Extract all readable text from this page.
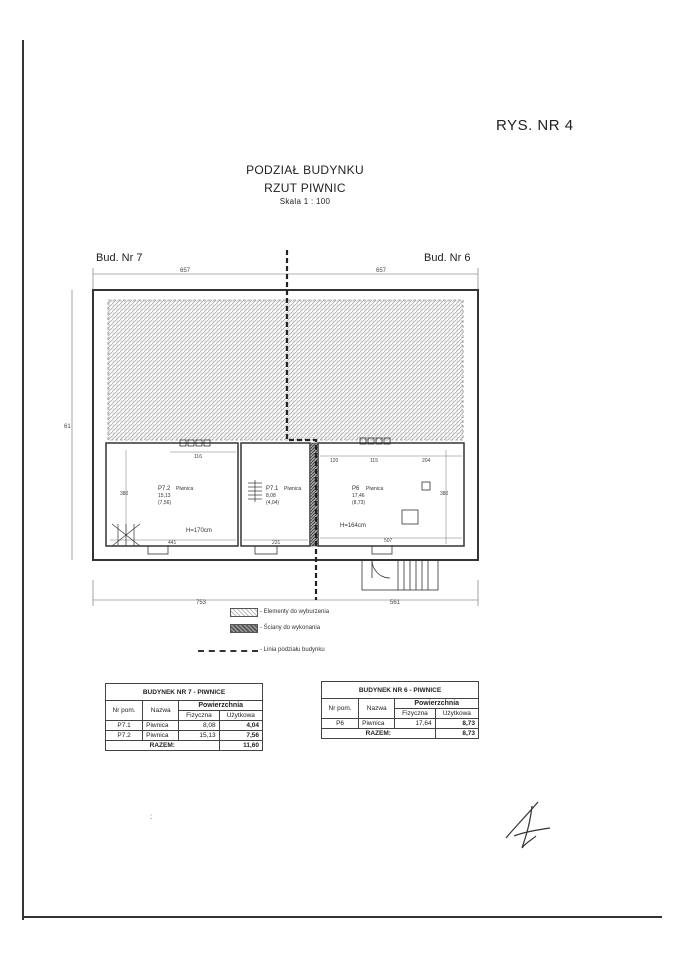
RYS. NR 4
PODZIAŁ BUDYNKU
RZUT PIWNIC
Skala 1 : 100
Bud. Nr 7	Bud. Nr 6
657	657
61
116
120	115	204
380	380
441	231	507
P7.2 Piwnica
15,13
(7,56)
H=170cm
P7.1 Piwnica
8,08
(4,04)
P6 Piwnica
17,46
(8,73)
H=164cm
753	561
- Elementy do wyburzenia
- Ściany do wykonania
- Linia podziału budynku
BUDYNEK NR 7 - PIWNICE			
Nr pom.	Nazwa	Powierzchnia	
		Fizyczna	Użytkowa
P7.1	Piwnica	8,08	4,04
P7.2	Piwnica	15,13	7,56
RAZEM:			11,60
BUDYNEK NR 6 - PIWNICE			
Nr pom.	Nazwa	Powierzchnia	
		Fizyczna	Użytkowa
P6	Piwnica	17,64	8,73
RAZEM:			8,73
:
